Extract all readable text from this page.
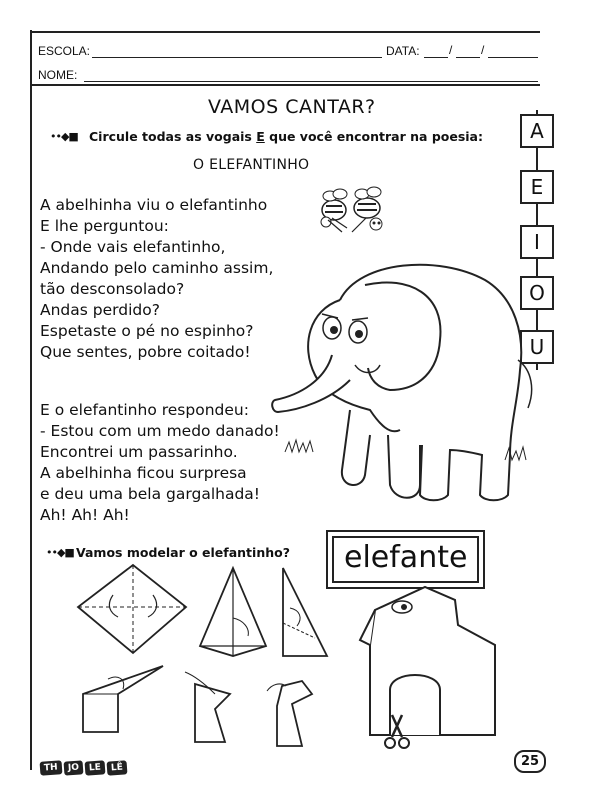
ESCOLA:	DATA: / /
NOME:
VAMOS CANTAR?
••◆■ Circule todas as vogais E que você encontrar na poesia:
O ELEFANTINHO
A abelhinha viu o elefantinho
E lhe perguntou:
- Onde vais elefantinho,
Andando pelo caminho assim,
tão desconsolado?
Andas perdido?
Espetaste o pé no espinho?
Que sentes, pobre coitado!
E o elefantinho respondeu:
- Estou com um medo danado!
Encontrei um passarinho.
A abelhinha ficou surpresa
e deu uma bela gargalhada!
Ah! Ah! Ah!
A
E
I
O
U
••◆■ Vamos modelar o elefantinho?	elefante
TH JO LE LÊ	25
